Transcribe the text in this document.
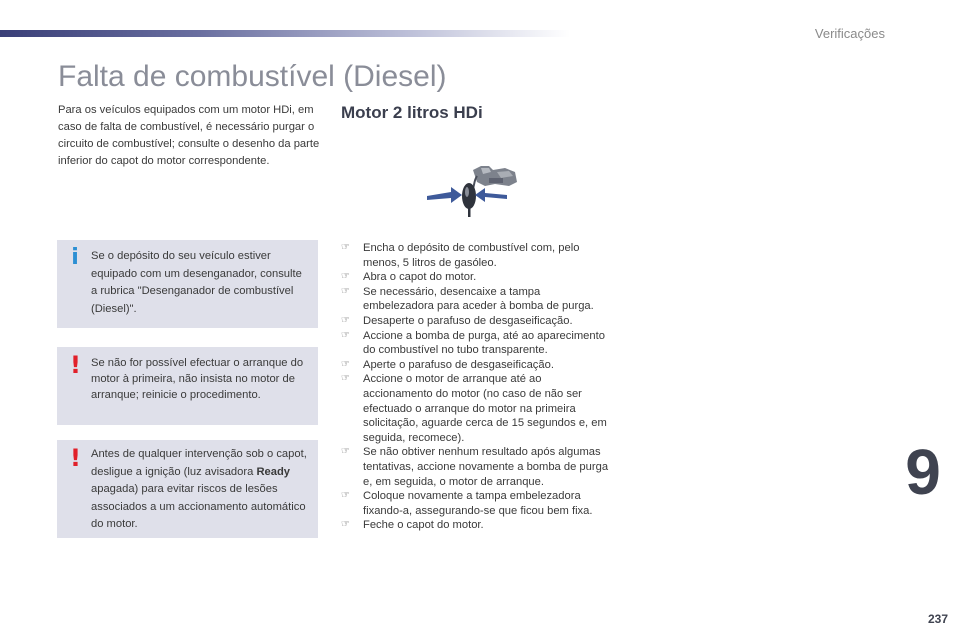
Verificações
Falta de combustível (Diesel)

Para os veículos equipados com um motor HDi, em caso de falta de combustível, é necessário purgar o circuito de combustível; consulte o desenho da parte inferior do capot do motor correspondente.

i Se o depósito do seu veículo estiver equipado com um desenganador, consulte a rubrica "Desenganador de combustível (Diesel)".
! Se não for possível efectuar o arranque do motor à primeira, não insista no motor de arranque; reinicie o procedimento.
! Antes de qualquer intervenção sob o capot, desligue a ignição (luz avisadora Ready apagada) para evitar riscos de lesões associados a um accionamento automático do motor.
Motor 2 litros HDi
☞ Encha o depósito de combustível com, pelo menos, 5 litros de gasóleo.
☞ Abra o capot do motor.
☞ Se necessário, desencaixe a tampa embelezadora para aceder à bomba de purga.
☞ Desaperte o parafuso de desgaseificação.
☞ Accione a bomba de purga, até ao aparecimento do combustível no tubo transparente.
☞ Aperte o parafuso de desgaseificação.
☞ Accione o motor de arranque até ao accionamento do motor (no caso de não ser efectuado o arranque do motor na primeira solicitação, aguarde cerca de 15 segundos e, em seguida, recomece).
☞ Se não obtiver nenhum resultado após algumas tentativas, accione novamente a bomba de purga e, em seguida, o motor de arranque.
☞ Coloque novamente a tampa embelezadora fixando-a, assegurando-se que ficou bem fixa.
☞ Feche o capot do motor.
9
237
